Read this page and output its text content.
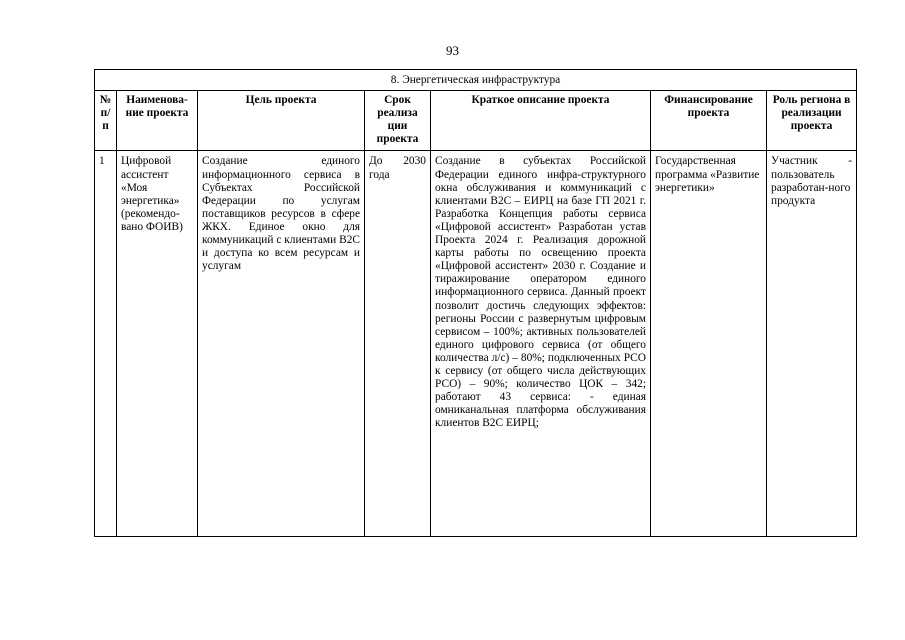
93
8. Энергетическая инфраструктура						
№ п/п	Наименова-ние проекта	Цель проекта	Срок реализа ции проекта	Краткое описание проекта	Финансирование проекта	Роль региона в реализации проекта
1	Цифровой ассистент «Моя энергетика» (рекомендо-вано ФОИВ)	Создание единого информационного сервиса в Субъектах Российской Федерации по услугам поставщиков ресурсов в сфере ЖКХ. Единое окно для коммуникаций с клиентами B2C и доступа ко всем ресурсам и услугам	До 2030 года	Создание в субъектах Российской Федерации единого инфра-структурного окна обслуживания и коммуникаций с клиентами B2C – ЕИРЦ на базе ГП 2021 г. Разработка Концепция работы сервиса «Цифровой ассистент» Разработан устав Проекта 2024 г. Реализация дорожной карты работы по освещению проекта «Цифровой ассистент» 2030 г. Создание и тиражирование оператором единого информационного сервиса. Данный проект позволит достичь следующих эффектов: регионы России с развернутым цифровым сервисом – 100%; активных пользователей единого цифрового сервиса (от общего количества л/с) – 80%; подключенных РСО к сервису (от общего числа действующих РСО) – 90%; количество ЦОК – 342; работают 43 сервиса: - единая омниканальная платформа обслуживания клиентов B2C ЕИРЦ;	Государственная программа «Развитие энергетики»	Участник - пользователь разработан-ного продукта
